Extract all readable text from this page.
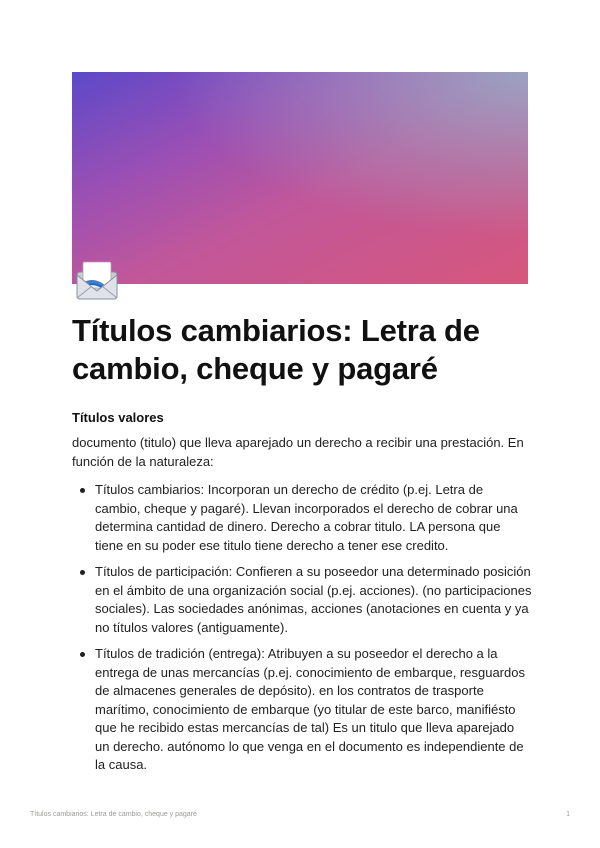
Títulos cambiarios: Letra de cambio, cheque y pagaré
Títulos valores

documento (titulo) que lleva aparejado un derecho a recibir una prestación. En función de la naturaleza:

Títulos cambiarios: Incorporan un derecho de crédito (p.ej. Letra de cambio, cheque y pagaré). Llevan incorporados el derecho de cobrar una determina cantidad de dinero. Derecho a cobrar titulo. LA persona que tiene en su poder ese titulo tiene derecho a tener ese credito.
Títulos de participación: Confieren a su poseedor una determinado posición en el ámbito de una organización social (p.ej. acciones). (no participaciones sociales). Las sociedades anónimas, acciones (anotaciones en cuenta y ya no títulos valores (antiguamente).
Títulos de tradición (entrega): Atribuyen a su poseedor el derecho a la entrega de unas mercancías (p.ej. conocimiento de embarque, resguardos de almacenes generales de depósito). en los contratos de trasporte marítimo, conocimiento de embarque (yo titular de este barco, manifiésto que he recibido estas mercancías de tal) Es un titulo que lleva aparejado un derecho. autónomo lo que venga en el documento es independiente de la causa.
Títulos cambiarios: Letra de cambio, cheque y pagaré	1
